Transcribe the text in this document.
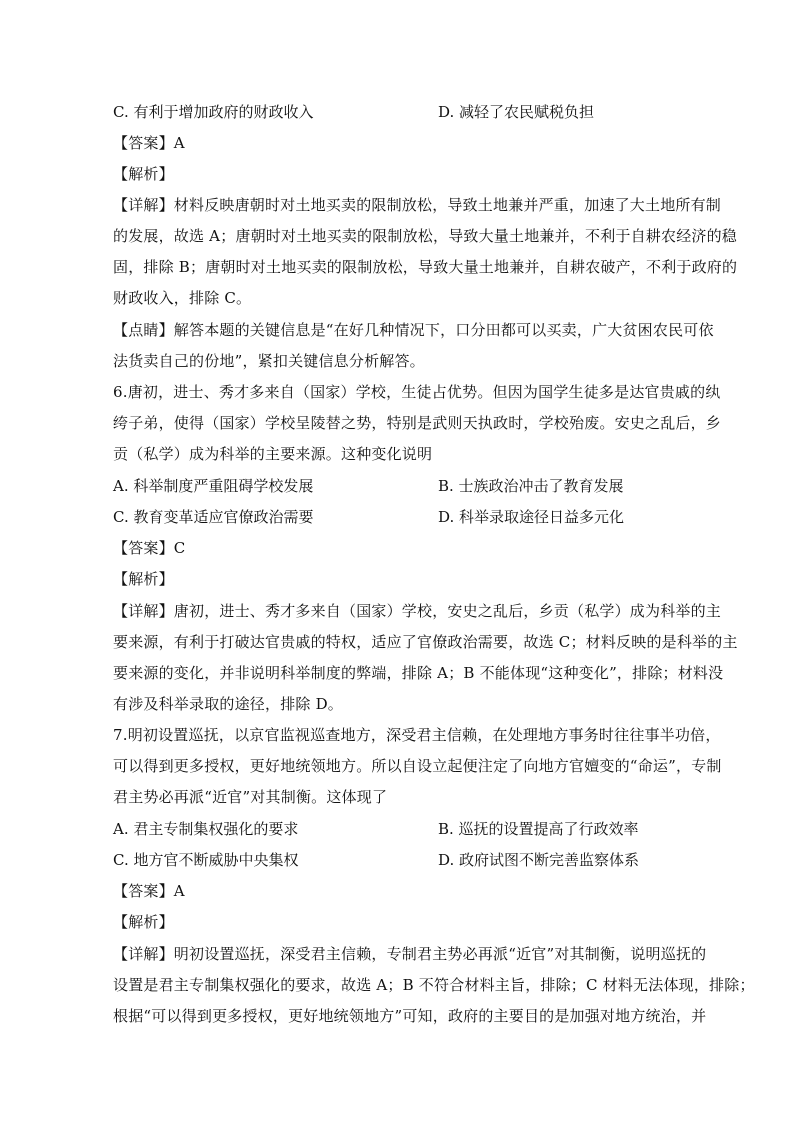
C. 有利于增加政府的财政收入	D. 减轻了农民赋税负担
【答案】A
【解析】
【详解】材料反映唐朝时对土地买卖的限制放松，导致土地兼并严重，加速了大土地所有制
的发展，故选 A；唐朝时对土地买卖的限制放松，导致大量土地兼并，不利于自耕农经济的稳
固，排除 B；唐朝时对土地买卖的限制放松，导致大量土地兼并，自耕农破产，不利于政府的
财政收入，排除 C。
【点睛】解答本题的关键信息是“在好几种情况下，口分田都可以买卖，广大贫困农民可依
法货卖自己的份地”，紧扣关键信息分析解答。
6.唐初，进士、秀才多来自（国家）学校，生徒占优势。但因为国学生徒多是达官贵戚的纨
绔子弟，使得（国家）学校呈陵替之势，特别是武则天执政时，学校殆废。安史之乱后，乡
贡（私学）成为科举的主要来源。这种变化说明
A. 科举制度严重阻碍学校发展	B. 士族政治冲击了教育发展
C. 教育变革适应官僚政治需要	D. 科举录取途径日益多元化
【答案】C
【解析】
【详解】唐初，进士、秀才多来自（国家）学校，安史之乱后，乡贡（私学）成为科举的主
要来源，有利于打破达官贵戚的特权，适应了官僚政治需要，故选 C；材料反映的是科举的主
要来源的变化，并非说明科举制度的弊端，排除 A；B 不能体现“这种变化”，排除；材料没
有涉及科举录取的途径，排除 D。
7.明初设置巡抚，以京官监视巡查地方，深受君主信赖，在处理地方事务时往往事半功倍，
可以得到更多授权，更好地统领地方。所以自设立起便注定了向地方官嬗变的“命运”，专制
君主势必再派“近官”对其制衡。这体现了
A. 君主专制集权强化的要求	B. 巡抚的设置提高了行政效率
C. 地方官不断威胁中央集权	D. 政府试图不断完善监察体系
【答案】A
【解析】
【详解】明初设置巡抚，深受君主信赖，专制君主势必再派“近官”对其制衡，说明巡抚的
设置是君主专制集权强化的要求，故选 A；B 不符合材料主旨，排除；C 材料无法体现，排除；
根据“可以得到更多授权，更好地统领地方”可知，政府的主要目的是加强对地方统治，并
